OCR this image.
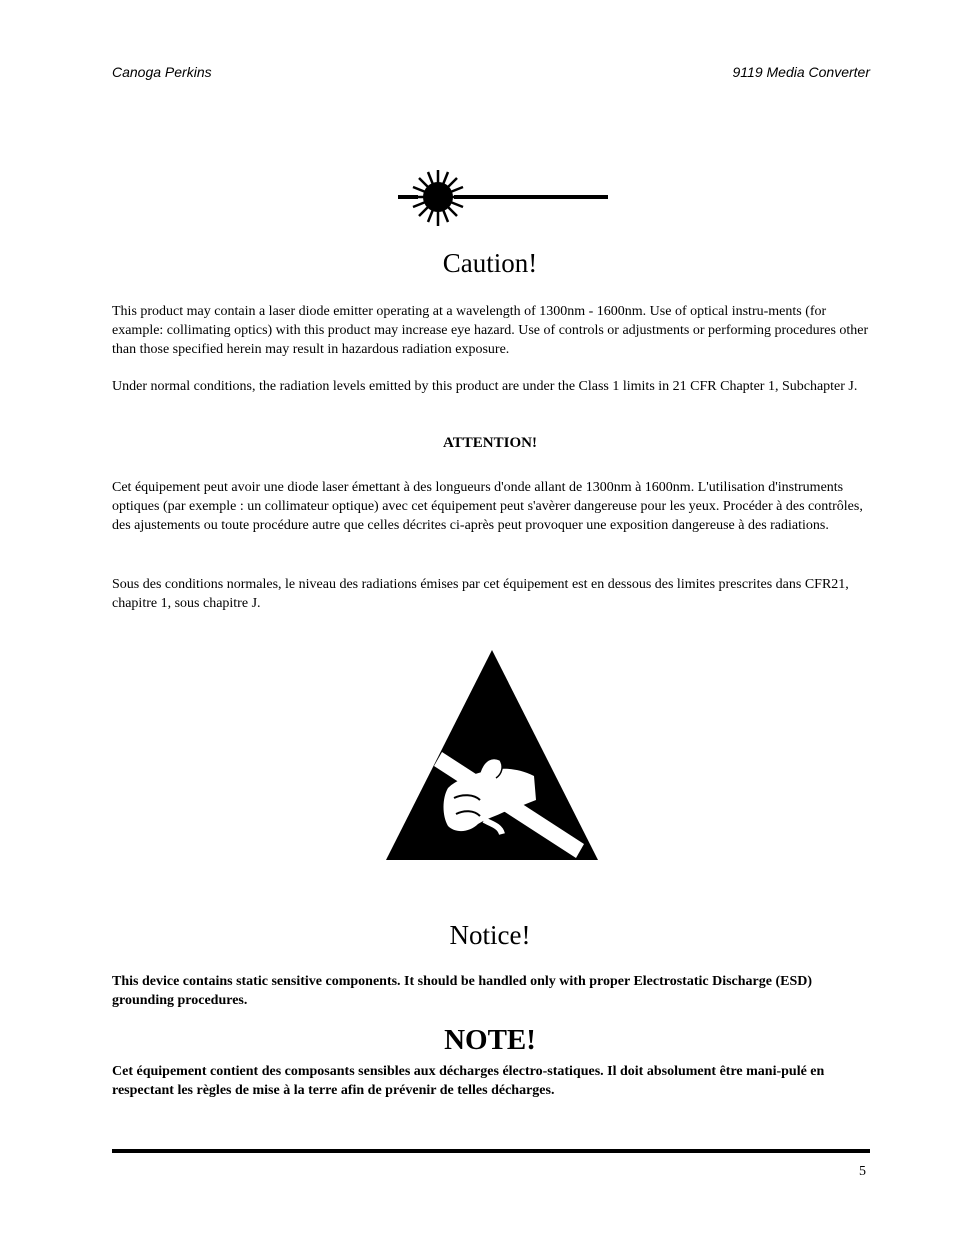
Canoga Perkins	9119 Media Converter
Caution!

This product may contain a laser diode emitter operating at a wavelength of 1300nm - 1600nm. Use of optical instru-ments (for example: collimating optics) with this product may increase eye hazard. Use of controls or adjustments or performing procedures other than those specified herein may result in hazardous radiation exposure.

Under normal conditions, the radiation levels emitted by this product are under the Class 1 limits in 21 CFR Chapter 1, Subchapter J.

ATTENTION!

Cet équipement peut avoir une diode laser émettant à des longueurs d'onde allant de 1300nm à 1600nm. L'utilisation d'instruments optiques (par exemple : un collimateur optique) avec cet équipement peut s'avèrer dangereuse pour les yeux. Procéder à des contrôles, des ajustements ou toute procédure autre que celles décrites ci-après peut provoquer une exposition dangereuse à des radiations.

Sous des conditions normales, le niveau des radiations émises par cet équipement est en dessous des limites prescrites dans CFR21, chapitre 1, sous chapitre J.

Notice!

This device contains static sensitive components. It should be handled only with proper Electrostatic Discharge (ESD) grounding procedures.

NOTE!

Cet équipement contient des composants sensibles aux décharges électro-statiques. Il doit absolument être mani-pulé en respectant les règles de mise à la terre afin de prévenir de telles décharges.

5
